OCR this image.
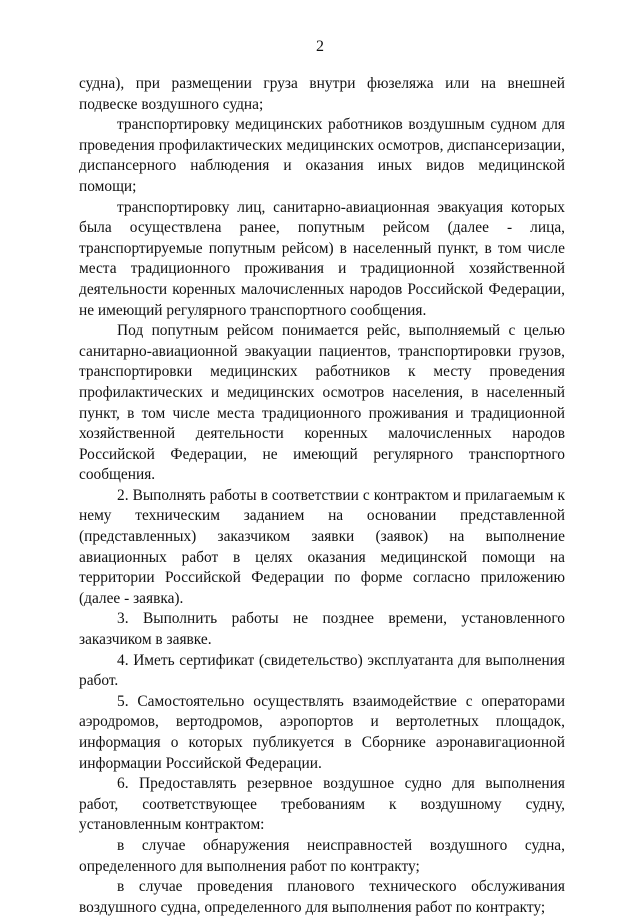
2

судна), при размещении груза внутри фюзеляжа или на внешней подвеске воздушного судна;

транспортировку медицинских работников воздушным судном для проведения профилактических медицинских осмотров, диспансеризации, диспансерного наблюдения и оказания иных видов медицинской помощи;

транспортировку лиц, санитарно-авиационная эвакуация которых была осуществлена ранее, попутным рейсом (далее - лица, транспортируемые попутным рейсом) в населенный пункт, в том числе места традиционного проживания и традиционной хозяйственной деятельности коренных малочисленных народов Российской Федерации, не имеющий регулярного транспортного сообщения.

Под попутным рейсом понимается рейс, выполняемый с целью санитарно-авиационной эвакуации пациентов, транспортировки грузов, транспортировки медицинских работников к месту проведения профилактических и медицинских осмотров населения, в населенный пункт, в том числе места традиционного проживания и традиционной хозяйственной деятельности коренных малочисленных народов Российской Федерации, не имеющий регулярного транспортного сообщения.

2. Выполнять работы в соответствии с контрактом и прилагаемым к нему техническим заданием на основании представленной (представленных) заказчиком заявки (заявок) на выполнение авиационных работ в целях оказания медицинской помощи на территории Российской Федерации по форме согласно приложению (далее - заявка).

3. Выполнить работы не позднее времени, установленного заказчиком в заявке.

4. Иметь сертификат (свидетельство) эксплуатанта для выполнения работ.

5. Самостоятельно осуществлять взаимодействие с операторами аэродромов, вертодромов, аэропортов и вертолетных площадок, информация о которых публикуется в Сборнике аэронавигационной информации Российской Федерации.

6. Предоставлять резервное воздушное судно для выполнения работ, соответствующее требованиям к воздушному судну, установленным контрактом:

в случае обнаружения неисправностей воздушного судна, определенного для выполнения работ по контракту;

в случае проведения планового технического обслуживания воздушного судна, определенного для выполнения работ по контракту;
